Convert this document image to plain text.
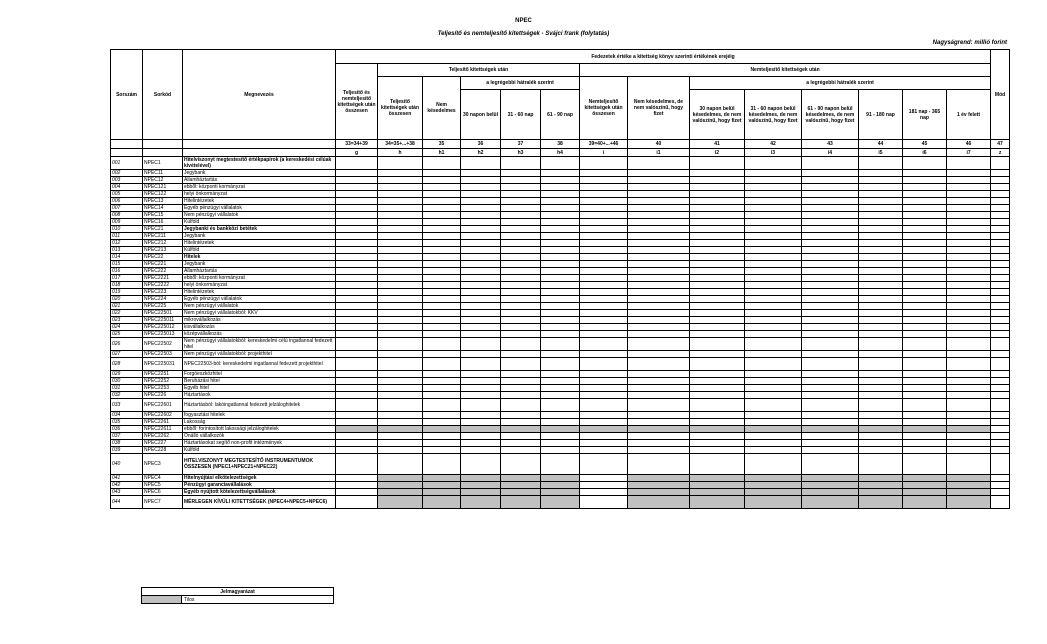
NPEC
Teljesítő és nemteljesítő kitettségek - Svájci frank (folytatás)
Nagyságrend: millió forint
Sorszám	Sorkód	Megnevezés	Fedezetek értéke a kitettség könyv szerinti értékének erejéig														Mód
			Teljesítő és nemteljesítő kitettségek után összesen	Teljesítő kitettségek után					Nemteljesítő kitettségek után								
				Teljesítő kitettségek után összesen	Nem késedelmes	a legrégebbi hátralék szerint			Nemteljesítő kitettségek után összesen	Nem késedelmes, de nem valószínű, hogy fizet	a legrégebbi hátralék szerint						
						30 napon belül	31 - 60 nap	61 - 90 nap			30 napon belül késedelmes, de nem valószínű, hogy fizet	31 - 60 napon belül késedelmes, de nem valószínű, hogy fizet	61 - 90 napon belül késedelmes, de nem valószínű, hogy fizet	91 - 180 nap	181 nap - 365 nap	1 év felett	
			33=34+39	34=35+...+38	35	36	37	38	39=40+...+46	40	41	42	43	44	45	46	47
			g	h	h1	h2	h3	h4	i	i1	i2	i3	i4	i5	i6	i7	z
001	NPEC1	Hitelviszonyt megtestesítő értékpapírok (a kereskedési célúak kivételével)															
002	NPEC11	Jegybank															
003	NPEC12	Államháztartás															
004	NPEC121	ebből: központi kormányzat															
005	NPEC122	helyi önkormányzat															
006	NPEC13	Hitelintézetek															
007	NPEC14	Egyéb pénzügyi vállalatok															
008	NPEC15	Nem pénzügyi vállalatok															
009	NPEC16	Külföld															
010	NPEC21	Jegybanki és bankközi betétek															
011	NPEC211	Jegybank															
012	NPEC212	Hitelintézetek															
013	NPEC213	Külföld															
014	NPEC22	Hitelek															
015	NPEC221	Jegybank															
016	NPEC222	Államháztartás															
017	NPEC2221	ebből: központi kormányzat															
018	NPEC2222	helyi önkormányzat															
019	NPEC223	Hitelintézetek															
020	NPEC224	Egyéb pénzügyi vállalatok															
021	NPEC225	Nem pénzügyi vállalatok															
022	NPEC22501	Nem pénzügyi vállalatokból: KKV															
023	NPEC225011	mikrovállalkozás															
024	NPEC225012	kisvállalkozás															
025	NPEC225013	középvállalkozás															
026	NPEC22502	Nem pénzügyi vállalatokból: kereskedelmi célú ingatlannal fedezett hitel															
027	NPEC22503	Nem pénzügyi vállalatokból: projekthitel															
028	NPEC225031	NPEC22503-ból: kereskedelmi ingatlannal fedezett projekthitel															
029	NPEC2251	Forgóeszközhitel															
030	NPEC2252	Beruházási hitel															
031	NPEC2253	Egyéb hitel															
032	NPEC226	Háztartások															
033	NPEC22601	Háztartásból: lakóingatlannal fedezett jelzáloghitelek															
034	NPEC22602	fogyasztási hitelek															
035	NPEC2261	Lakosság															
036	NPEC22611	ebből: forintosított lakossági jelzáloghitelek															
037	NPEC2262	Önálló vállalkozók															
038	NPEC227	Háztartásokat segítő non-profit intézmények															
039	NPEC228	Külföld															
040	NPEC3	HITELVISZONYT MEGTESTESÍTŐ INSTRUMENTUMOK ÖSSZESEN (NPEC1+NPEC21+NPEC22)															
041	NPEC4	Hitelnyújtási elkötelezettségek															
042	NPEC5	Pénzügyi garanciavállalások															
043	NPEC6	Egyéb nyújtott kötelezettségvállalások															
044	NPEC7	MÉRLEGEN KÍVÜLI KITETTSÉGEK (NPEC4+NPEC5+NPEC6)															
Jelmagyarázat
	Tilos
